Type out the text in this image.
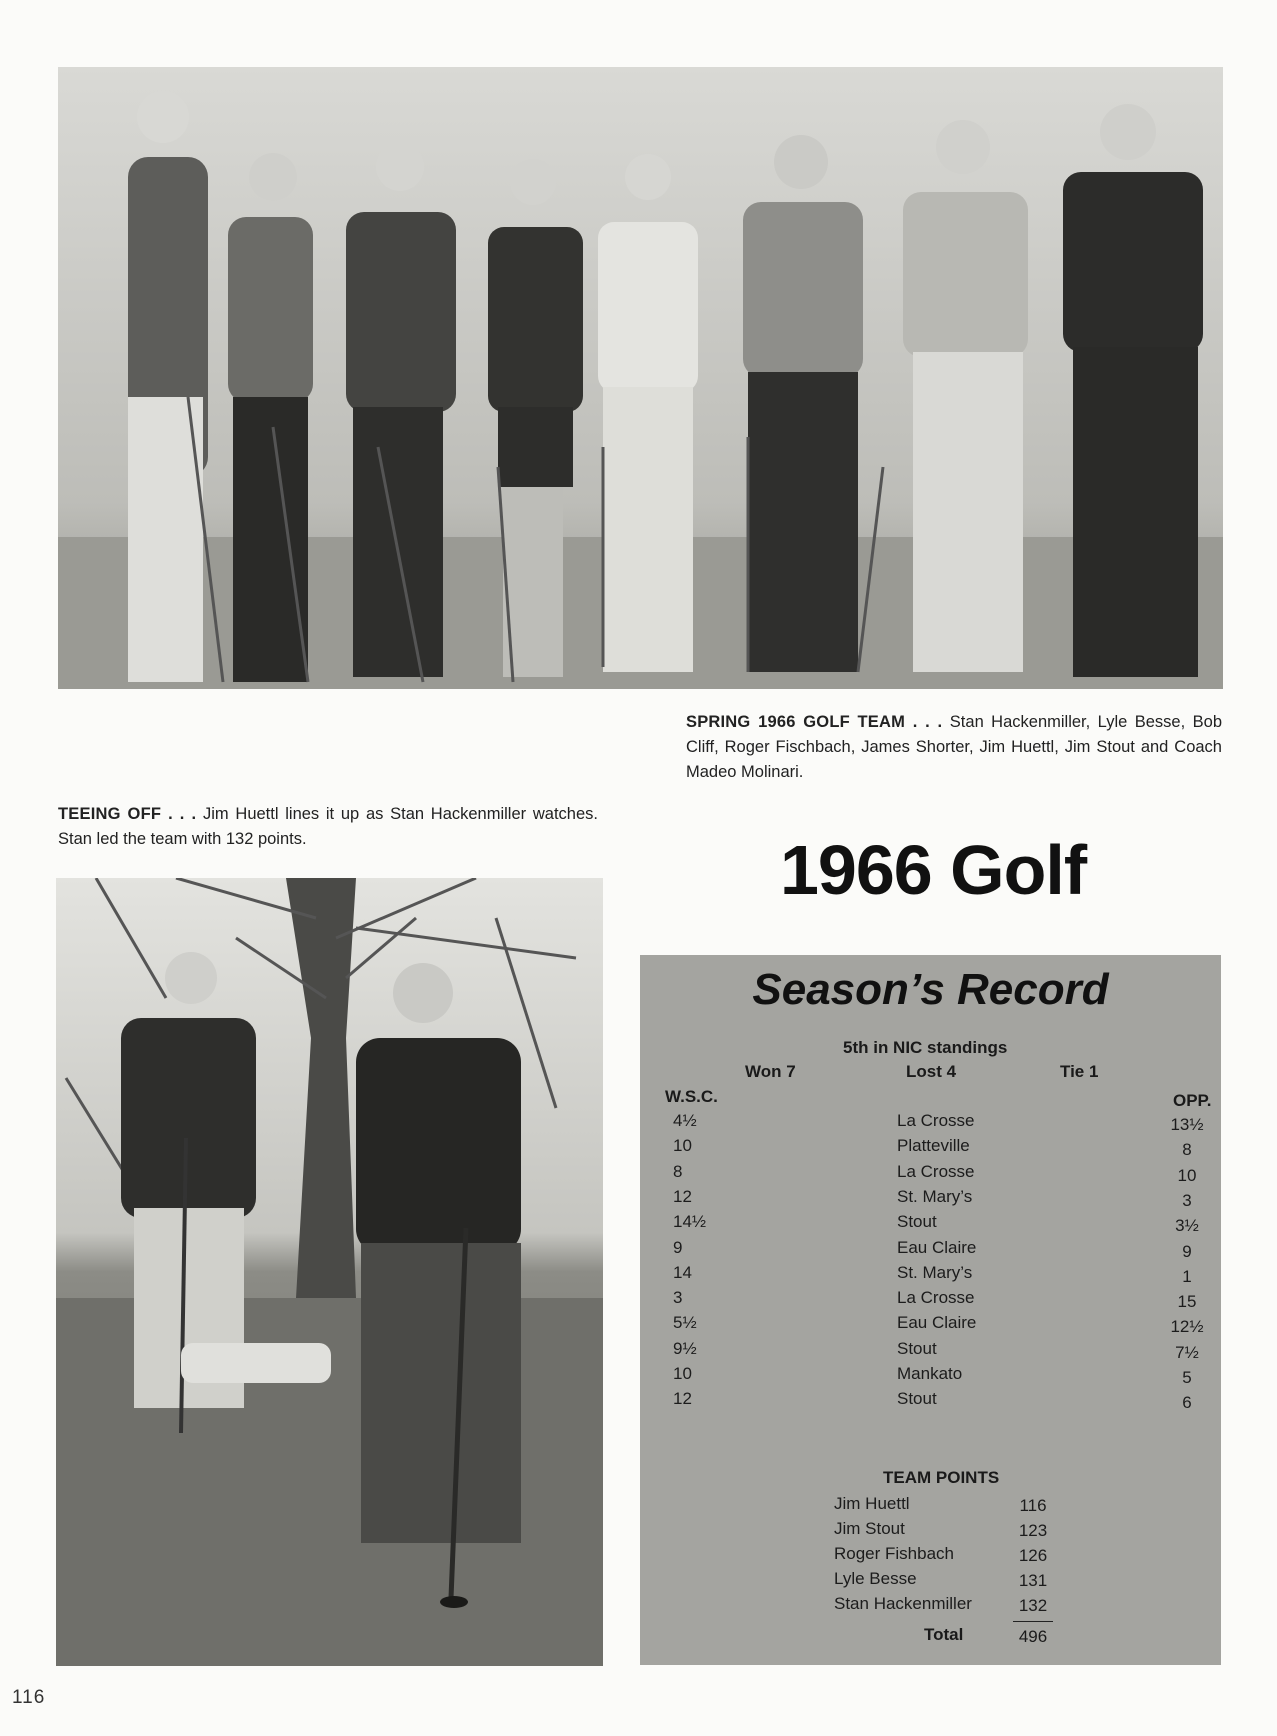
SPRING 1966 GOLF TEAM . . . Stan Hackenmiller, Lyle Besse, Bob Cliff, Roger Fischbach, James Shorter, Jim Huettl, Jim Stout and Coach Madeo Molinari.
TEEING OFF . . . Jim Huettl lines it up as Stan Hackenmiller watches. Stan led the team with 132 points.	1966 Golf
Season’s Record
5th in NIC standings
Won 7	Lost 4	Tie 1
W.S.C.	OPP.
4½	La Crosse	13½
10	Platteville	8
8	La Crosse	10
12	St. Mary’s	3
14½	Stout	3½
9	Eau Claire	9
14	St. Mary’s	1
3	La Crosse	15
5½	Eau Claire	12½
9½	Stout	7½
10	Mankato	5
12	Stout	6
TEAM POINTS
Jim Huettl	116
Jim Stout	123
Roger Fishbach	126
Lyle Besse	131
Stan Hackenmiller	132
Total	496
116
